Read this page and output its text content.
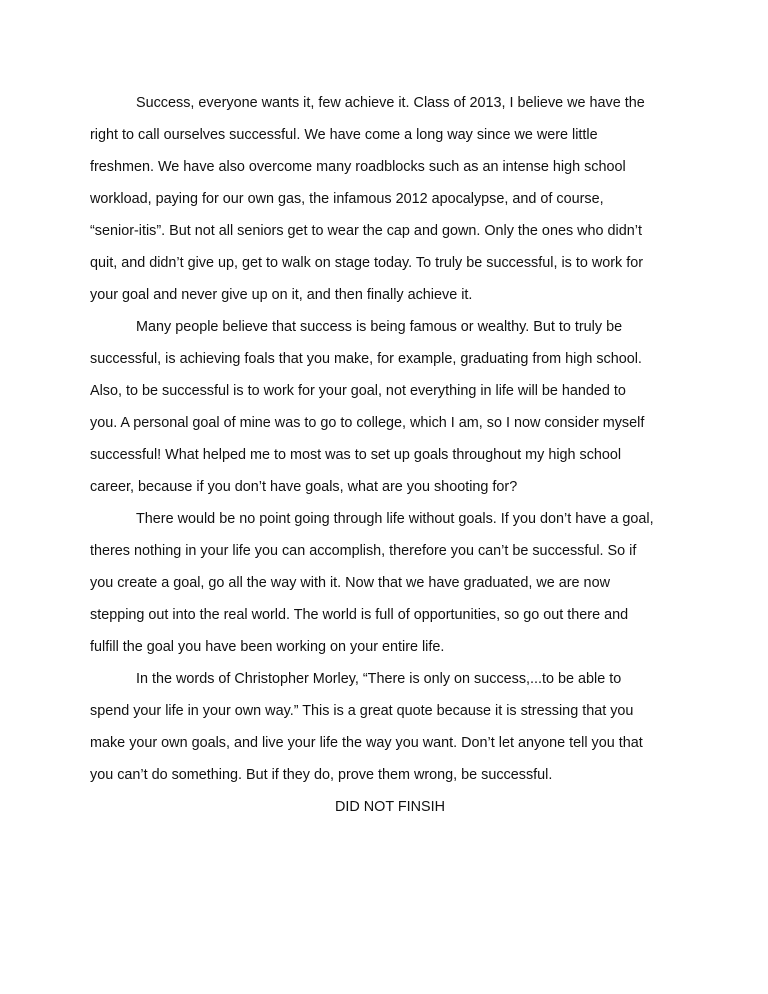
Success, everyone wants it, few achieve it. Class of 2013, I believe we have the
right to call ourselves successful. We have come a long way since we were little
freshmen. We have also overcome many roadblocks such as an intense high school
workload, paying for our own gas, the infamous 2012 apocalypse, and of course,
“senior-itis”. But not all seniors get to wear the cap and gown. Only the ones who didn’t
quit, and didn’t give up, get to walk on stage today. To truly be successful, is to work for
your goal and never give up on it, and then finally achieve it.
Many people believe that success is being famous or wealthy. But to truly be
successful, is achieving foals that you make, for example, graduating from high school.
Also, to be successful is to work for your goal, not everything in life will be handed to
you. A personal goal of mine was to go to college, which I am, so I now consider myself
successful! What helped me to most was to set up goals throughout my high school
career, because if you don’t have goals, what are you shooting for?
There would be no point going through life without goals. If you don’t have a goal,
theres nothing in your life you can accomplish, therefore you can’t be successful. So if
you create a goal, go all the way with it. Now that we have graduated, we are now
stepping out into the real world. The world is full of opportunities, so go out there and
fulfill the goal you have been working on your entire life.
In the words of Christopher Morley, “There is only on success,...to be able to
spend your life in your own way.” This is a great quote because it is stressing that you
make your own goals, and live your life the way you want. Don’t let anyone tell you that
you can’t do something. But if they do, prove them wrong, be successful.
DID NOT FINSIH
